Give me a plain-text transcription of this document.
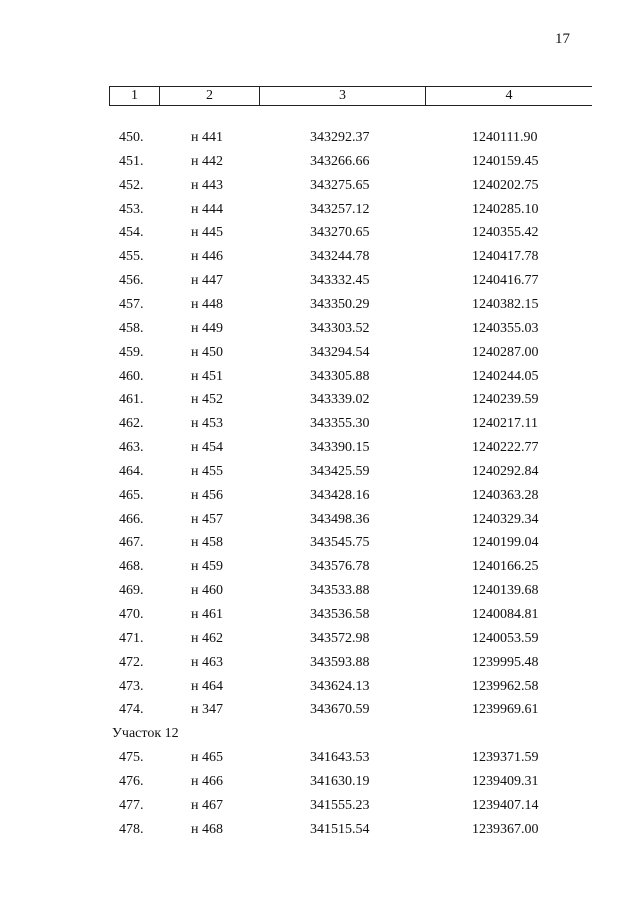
17
1	2	3	4
450.	н 441	343292.37	1240111.90
451.	н 442	343266.66	1240159.45
452.	н 443	343275.65	1240202.75
453.	н 444	343257.12	1240285.10
454.	н 445	343270.65	1240355.42
455.	н 446	343244.78	1240417.78
456.	н 447	343332.45	1240416.77
457.	н 448	343350.29	1240382.15
458.	н 449	343303.52	1240355.03
459.	н 450	343294.54	1240287.00
460.	н 451	343305.88	1240244.05
461.	н 452	343339.02	1240239.59
462.	н 453	343355.30	1240217.11
463.	н 454	343390.15	1240222.77
464.	н 455	343425.59	1240292.84
465.	н 456	343428.16	1240363.28
466.	н 457	343498.36	1240329.34
467.	н 458	343545.75	1240199.04
468.	н 459	343576.78	1240166.25
469.	н 460	343533.88	1240139.68
470.	н 461	343536.58	1240084.81
471.	н 462	343572.98	1240053.59
472.	н 463	343593.88	1239995.48
473.	н 464	343624.13	1239962.58
474.	н 347	343670.59	1239969.61
Участок 12
475.	н 465	341643.53	1239371.59
476.	н 466	341630.19	1239409.31
477.	н 467	341555.23	1239407.14
478.	н 468	341515.54	1239367.00
